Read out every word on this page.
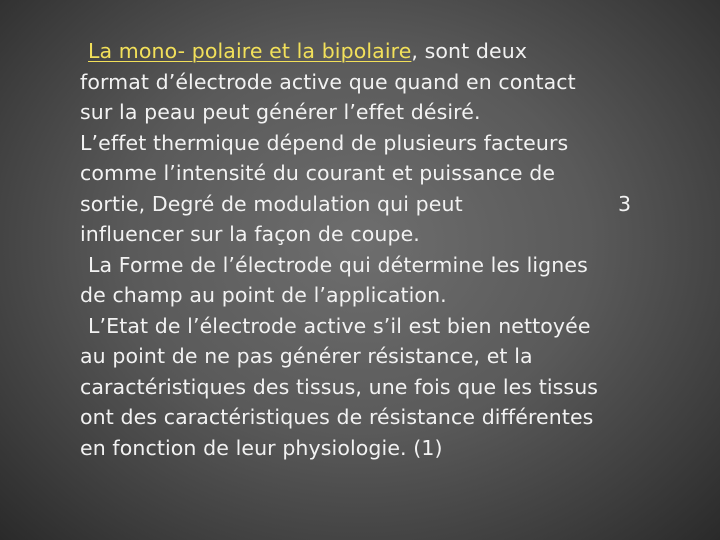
La mono- polaire et la bipolaire, sont deux
format d’électrode active que quand en contact
sur la peau peut générer l’effet désiré.
L’effet thermique dépend de plusieurs facteurs
comme l’intensité du courant et puissance de
sortie, Degré de modulation qui peut	3
influencer sur la façon de coupe.
La Forme de l’électrode qui détermine les lignes
de champ au point de l’application.
L’Etat de l’électrode active s’il est bien nettoyée
au point de ne pas générer résistance, et la
caractéristiques des tissus, une fois que les tissus
ont des caractéristiques de résistance différentes
en fonction de leur physiologie. (1)
